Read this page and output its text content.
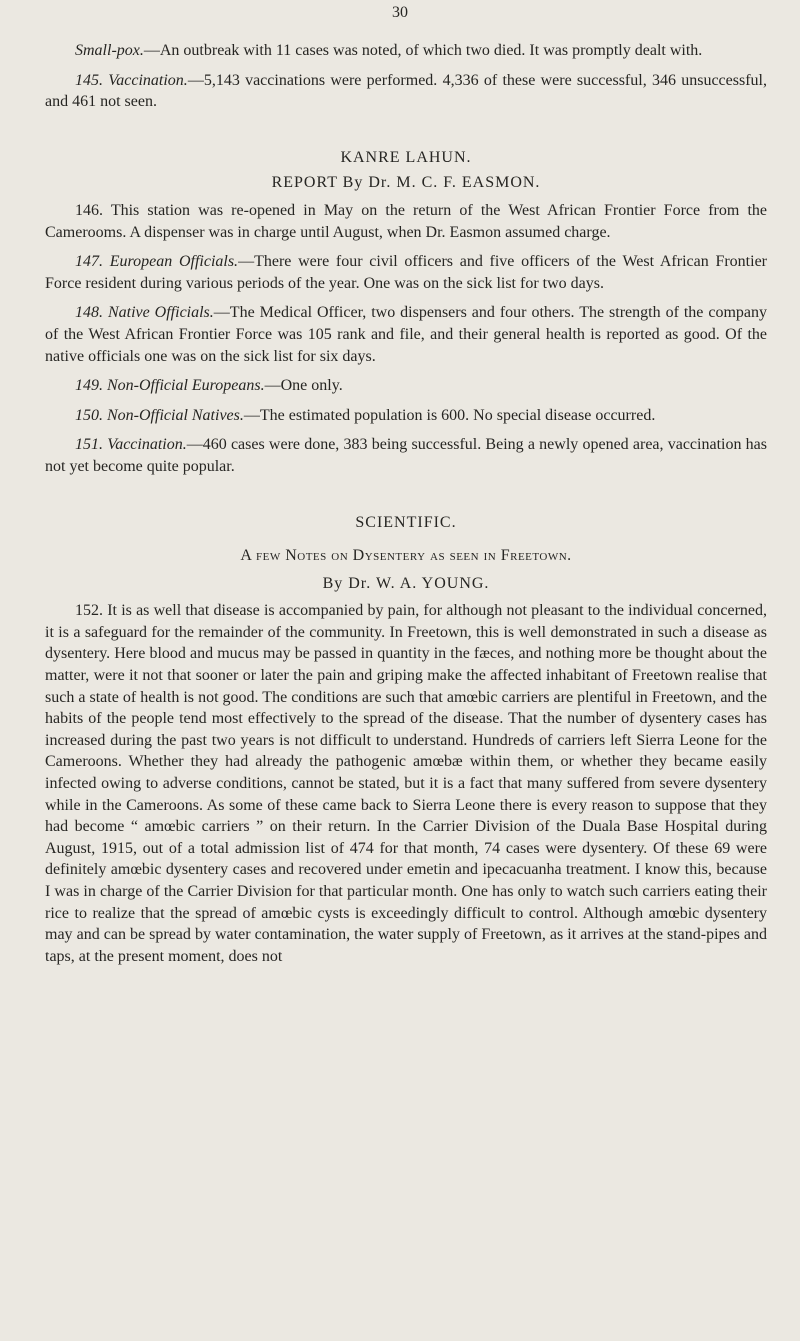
30

Small-pox.—An outbreak with 11 cases was noted, of which two died. It was promptly dealt with.

145. Vaccination.—5,143 vaccinations were performed. 4,336 of these were successful, 346 unsuccessful, and 461 not seen.

KANRE LAHUN.
REPORT By Dr. M. C. F. EASMON.

146. This station was re-opened in May on the return of the West African Frontier Force from the Camerooms. A dispenser was in charge until August, when Dr. Easmon assumed charge.

147. European Officials.—There were four civil officers and five officers of the West African Frontier Force resident during various periods of the year. One was on the sick list for two days.

148. Native Officials.—The Medical Officer, two dispensers and four others. The strength of the company of the West African Frontier Force was 105 rank and file, and their general health is reported as good. Of the native officials one was on the sick list for six days.

149. Non-Official Europeans.—One only.

150. Non-Official Natives.—The estimated population is 600. No special disease occurred.

151. Vaccination.—460 cases were done, 383 being successful. Being a newly opened area, vaccination has not yet become quite popular.

SCIENTIFIC.
A few Notes on Dysentery as seen in Freetown.
By Dr. W. A. YOUNG.

152. It is as well that disease is accompanied by pain, for although not pleasant to the individual concerned, it is a safeguard for the remainder of the community. In Freetown, this is well demonstrated in such a disease as dysentery. Here blood and mucus may be passed in quantity in the fæces, and nothing more be thought about the matter, were it not that sooner or later the pain and griping make the affected inhabitant of Freetown realise that such a state of health is not good. The conditions are such that amœbic carriers are plentiful in Freetown, and the habits of the people tend most effectively to the spread of the disease. That the number of dysentery cases has increased during the past two years is not difficult to understand. Hundreds of carriers left Sierra Leone for the Cameroons. Whether they had already the pathogenic amœbæ within them, or whether they became easily infected owing to adverse conditions, cannot be stated, but it is a fact that many suffered from severe dysentery while in the Cameroons. As some of these came back to Sierra Leone there is every reason to suppose that they had become “ amœbic carriers ” on their return. In the Carrier Division of the Duala Base Hospital during August, 1915, out of a total admission list of 474 for that month, 74 cases were dysentery. Of these 69 were definitely amœbic dysentery cases and recovered under emetin and ipecacuanha treatment. I know this, because I was in charge of the Carrier Division for that particular month. One has only to watch such carriers eating their rice to realize that the spread of amœbic cysts is exceedingly difficult to control. Although amœbic dysentery may and can be spread by water contamination, the water supply of Freetown, as it arrives at the stand-pipes and taps, at the present moment, does not
